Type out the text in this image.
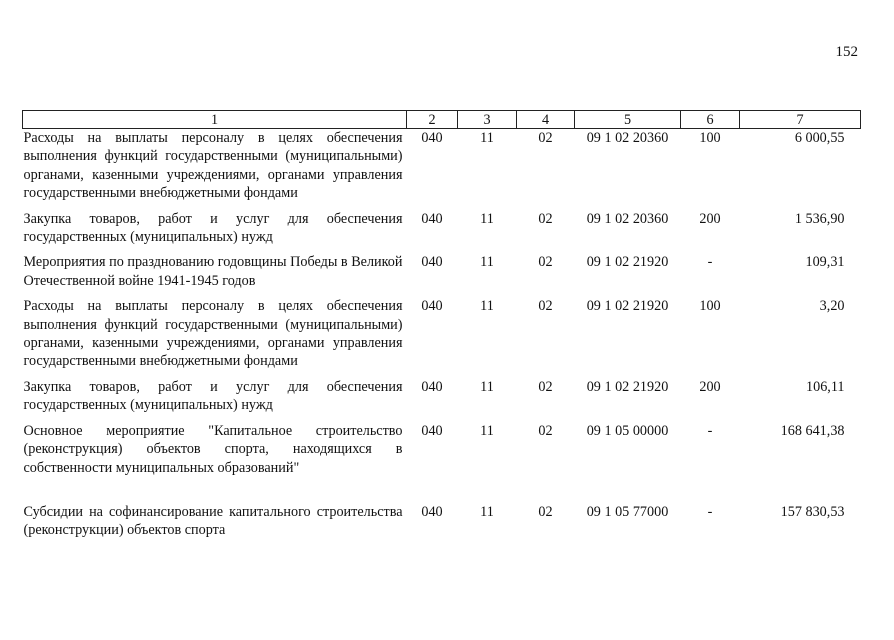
152
1	2	3	4	5	6	7
Расходы на выплаты персоналу в целях обеспечения выполнения функций государственными (муниципальными) органами, казенными учреждениями, органами управления государственными внебюджетными фондами	040	11	02	09 1 02 20360	100	6 000,55
Закупка товаров, работ и услуг для обеспечения государственных (муниципальных) нужд	040	11	02	09 1 02 20360	200	1 536,90
Мероприятия по празднованию годовщины Победы в Великой Отечественной войне 1941-1945 годов	040	11	02	09 1 02 21920	-	109,31
Расходы на выплаты персоналу в целях обеспечения выполнения функций государственными (муниципальными) органами, казенными учреждениями, органами управления государственными внебюджетными фондами	040	11	02	09 1 02 21920	100	3,20
Закупка товаров, работ и услуг для обеспечения государственных (муниципальных) нужд	040	11	02	09 1 02 21920	200	106,11
Основное мероприятие "Капитальное строительство (реконструкция) объектов спорта, находящихся в собственности муниципальных образований"	040	11	02	09 1 05 00000	-	168 641,38
Субсидии на софинансирование капитального строительства (реконструкции) объектов спорта	040	11	02	09 1 05 77000	-	157 830,53
